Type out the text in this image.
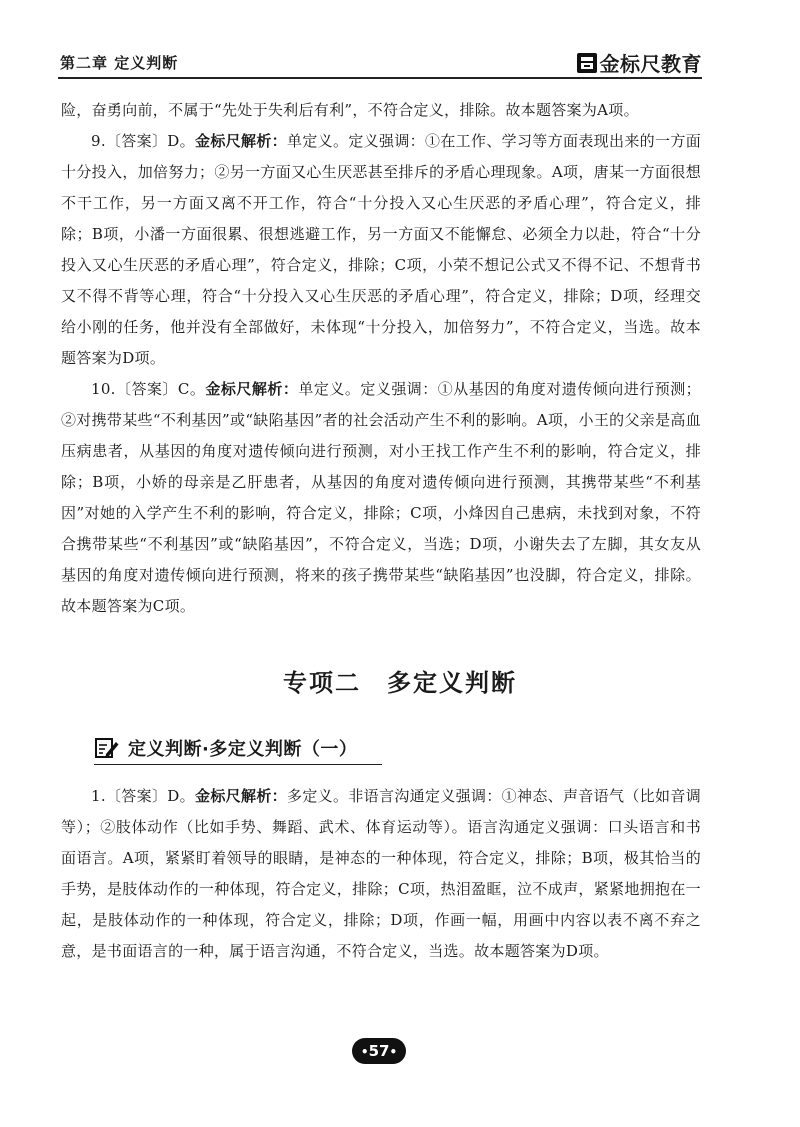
第二章 定义判断	金标尺教育

险，奋勇向前，不属于“先处于失利后有利”，不符合定义，排除。故本题答案为A项。

9.〔答案〕D。金标尺解析：单定义。定义强调：①在工作、学习等方面表现出来的一方面十分投入，加倍努力；②另一方面又心生厌恶甚至排斥的矛盾心理现象。A项，唐某一方面很想不干工作，另一方面又离不开工作，符合“十分投入又心生厌恶的矛盾心理”，符合定义，排除；B项，小潘一方面很累、很想逃避工作，另一方面又不能懈怠、必须全力以赴，符合“十分投入又心生厌恶的矛盾心理”，符合定义，排除；C项，小荣不想记公式又不得不记、不想背书又不得不背等心理，符合“十分投入又心生厌恶的矛盾心理”，符合定义，排除；D项，经理交给小刚的任务，他并没有全部做好，未体现“十分投入，加倍努力”，不符合定义，当选。故本题答案为D项。

10.〔答案〕C。金标尺解析：单定义。定义强调：①从基因的角度对遗传倾向进行预测；②对携带某些“不利基因”或“缺陷基因”者的社会活动产生不利的影响。A项，小王的父亲是高血压病患者，从基因的角度对遗传倾向进行预测，对小王找工作产生不利的影响，符合定义，排除；B项，小娇的母亲是乙肝患者，从基因的角度对遗传倾向进行预测，其携带某些“不利基因”对她的入学产生不利的影响，符合定义，排除；C项，小烽因自己患病，未找到对象，不符合携带某些“不利基因”或“缺陷基因”，不符合定义，当选；D项，小谢失去了左脚，其女友从基因的角度对遗传倾向进行预测，将来的孩子携带某些“缺陷基因”也没脚，符合定义，排除。故本题答案为C项。

专项二　多定义判断
定义判断·多定义判断（一）

1.〔答案〕D。金标尺解析：多定义。非语言沟通定义强调：①神态、声音语气（比如音调等）；②肢体动作（比如手势、舞蹈、武术、体育运动等）。语言沟通定义强调：口头语言和书面语言。A项，紧紧盯着领导的眼睛，是神态的一种体现，符合定义，排除；B项，极其恰当的手势，是肢体动作的一种体现，符合定义，排除；C项，热泪盈眶，泣不成声，紧紧地拥抱在一起，是肢体动作的一种体现，符合定义，排除；D项，作画一幅，用画中内容以表不离不弃之意，是书面语言的一种，属于语言沟通，不符合定义，当选。故本题答案为D项。

•57•
